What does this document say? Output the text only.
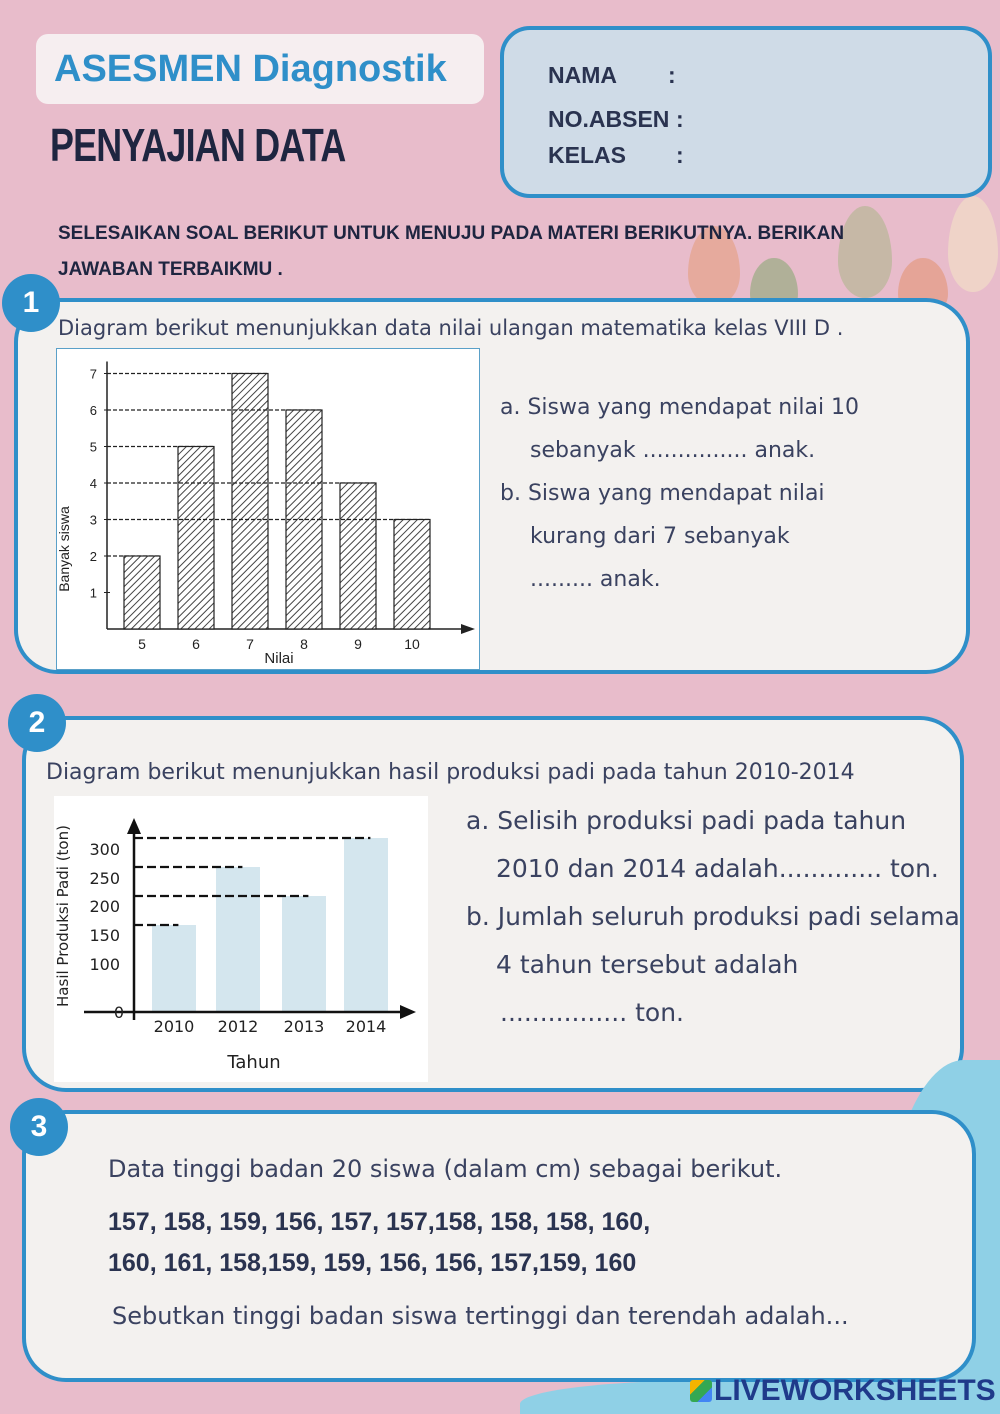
ASESMEN Diagnostik
PENYAJIAN DATA
NAMA :
NO.ABSEN :
KELAS :
SELESAIKAN SOAL BERIKUT UNTUK MENUJU PADA MATERI BERIKUTNYA. BERIKAN JAWABAN TERBAIKMU .
1
Diagram berikut menunjukkan data nilai ulangan matematika kelas VIII D .
1
2
3
4
5
6
7
5	6	7	8	9	10
Nilai
Banyak siswa
a. Siswa yang mendapat nilai 10
sebanyak ............... anak.
b. Siswa yang mendapat nilai
kurang dari 7 sebanyak
......... anak.
2
Diagram berikut menunjukkan hasil produksi padi pada tahun 2010-2014
2010 2012 2013 2014
0
100
150
200
250
300
Tahun
Hasil Produksi Padi (ton)
a. Selisih produksi padi pada tahun
2010 dan 2014 adalah............. ton.
b. Jumlah seluruh produksi padi selama
4 tahun tersebut adalah
................ ton.
3
Data tinggi badan 20 siswa (dalam cm) sebagai berikut.
157, 158, 159, 156, 157, 157,158, 158, 158, 160,
160, 161, 158,159, 159, 156, 156, 157,159, 160
Sebutkan tinggi badan siswa tertinggi dan terendah adalah...
LIVEWORKSHEETS
